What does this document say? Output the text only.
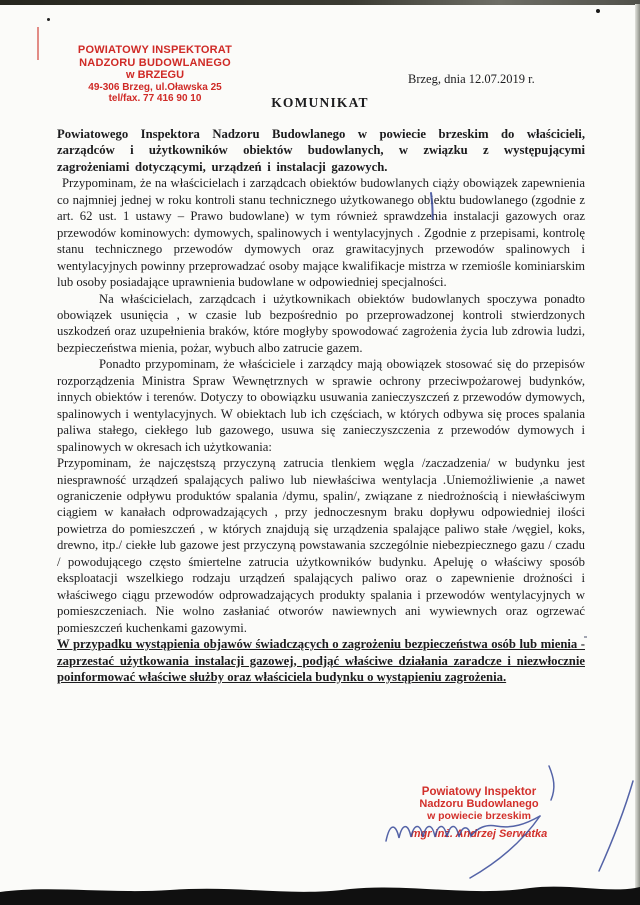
POWIATOWY INSPEKTORAT
NADZORU BUDOWLANEGO
w BRZEGU
49-306 Brzeg, ul.Oławska 25
tel/fax. 77 416 90 10
Brzeg, dnia 12.07.2019 r.
KOMUNIKAT

Powiatowego Inspektora Nadzoru Budowlanego w powiecie brzeskim do właścicieli, zarządców i użytkowników obiektów budowlanych, w związku z występującymi zagrożeniami dotyczącymi, urządzeń i instalacji gazowych.

Przypominam, że na właścicielach i zarządcach obiektów budowlanych ciąży obowiązek zapewnienia co najmniej jednej w roku kontroli stanu technicznego użytkowanego obiektu budowlanego (zgodnie z art. 62 ust. 1 ustawy – Prawo budowlane) w tym również sprawdzenia instalacji gazowych oraz przewodów kominowych: dymowych, spalinowych i wentylacyjnych . Zgodnie z przepisami, kontrolę stanu technicznego przewodów dymowych oraz grawitacyjnych przewodów spalinowych i wentylacyjnych powinny przeprowadzać osoby mające kwalifikacje mistrza w rzemiośle kominiarskim lub osoby posiadające uprawnienia budowlane w odpowiedniej specjalności.

Na właścicielach, zarządcach i użytkownikach obiektów budowlanych spoczywa ponadto obowiązek usunięcia , w czasie lub bezpośrednio po przeprowadzonej kontroli stwierdzonych uszkodzeń oraz uzupełnienia braków, które mogłyby spowodować zagrożenia życia lub zdrowia ludzi, bezpieczeństwa mienia, pożar, wybuch albo zatrucie gazem.

Ponadto przypominam, że właściciele i zarządcy mają obowiązek stosować się do przepisów rozporządzenia Ministra Spraw Wewnętrznych w sprawie ochrony przeciwpożarowej budynków, innych obiektów i terenów. Dotyczy to obowiązku usuwania zanieczyszczeń z przewodów dymowych, spalinowych i wentylacyjnych. W obiektach lub ich częściach, w których odbywa się proces spalania paliwa stałego, ciekłego lub gazowego, usuwa się zanieczyszczenia z przewodów dymowych i spalinowych w okresach ich użytkowania:

Przypominam, że najczęstszą przyczyną zatrucia tlenkiem węgla /zaczadzenia/ w budynku jest niesprawność urządzeń spalających paliwo lub niewłaściwa wentylacja .Uniemożliwienie ,a nawet ograniczenie odpływu produktów spalania /dymu, spalin/, związane z niedrożnością i niewłaściwym ciągiem w kanałach odprowadzających , przy jednoczesnym braku dopływu odpowiedniej ilości powietrza do pomieszczeń , w których znajdują się urządzenia spalające paliwo stałe /węgiel, koks, drewno, itp./ ciekłe lub gazowe jest przyczyną powstawania szczególnie niebezpiecznego gazu / czadu / powodującego często śmiertelne zatrucia użytkowników budynku. Apeluję o właściwy sposób eksploatacji wszelkiego rodzaju urządzeń spalających paliwo oraz o zapewnienie drożności i właściwego ciągu przewodów odprowadzających produkty spalania i przewodów wentylacyjnych w pomieszczeniach. Nie wolno zasłaniać otworów nawiewnych ani wywiewnych oraz ogrzewać pomieszczeń kuchenkami gazowymi.

W przypadku wystąpienia objawów świadczących o zagrożeniu bezpieczeństwa osób lub mienia - zaprzestać użytkowania instalacji gazowej, podjąć właściwe działania zaradcze i niezwłocznie poinformować właściwe służby oraz właściciela budynku o wystąpieniu zagrożenia.

Powiatowy Inspektor
Nadzoru Budowlanego
w powiecie brzeskim
mgr inż. Andrzej Serwatka
